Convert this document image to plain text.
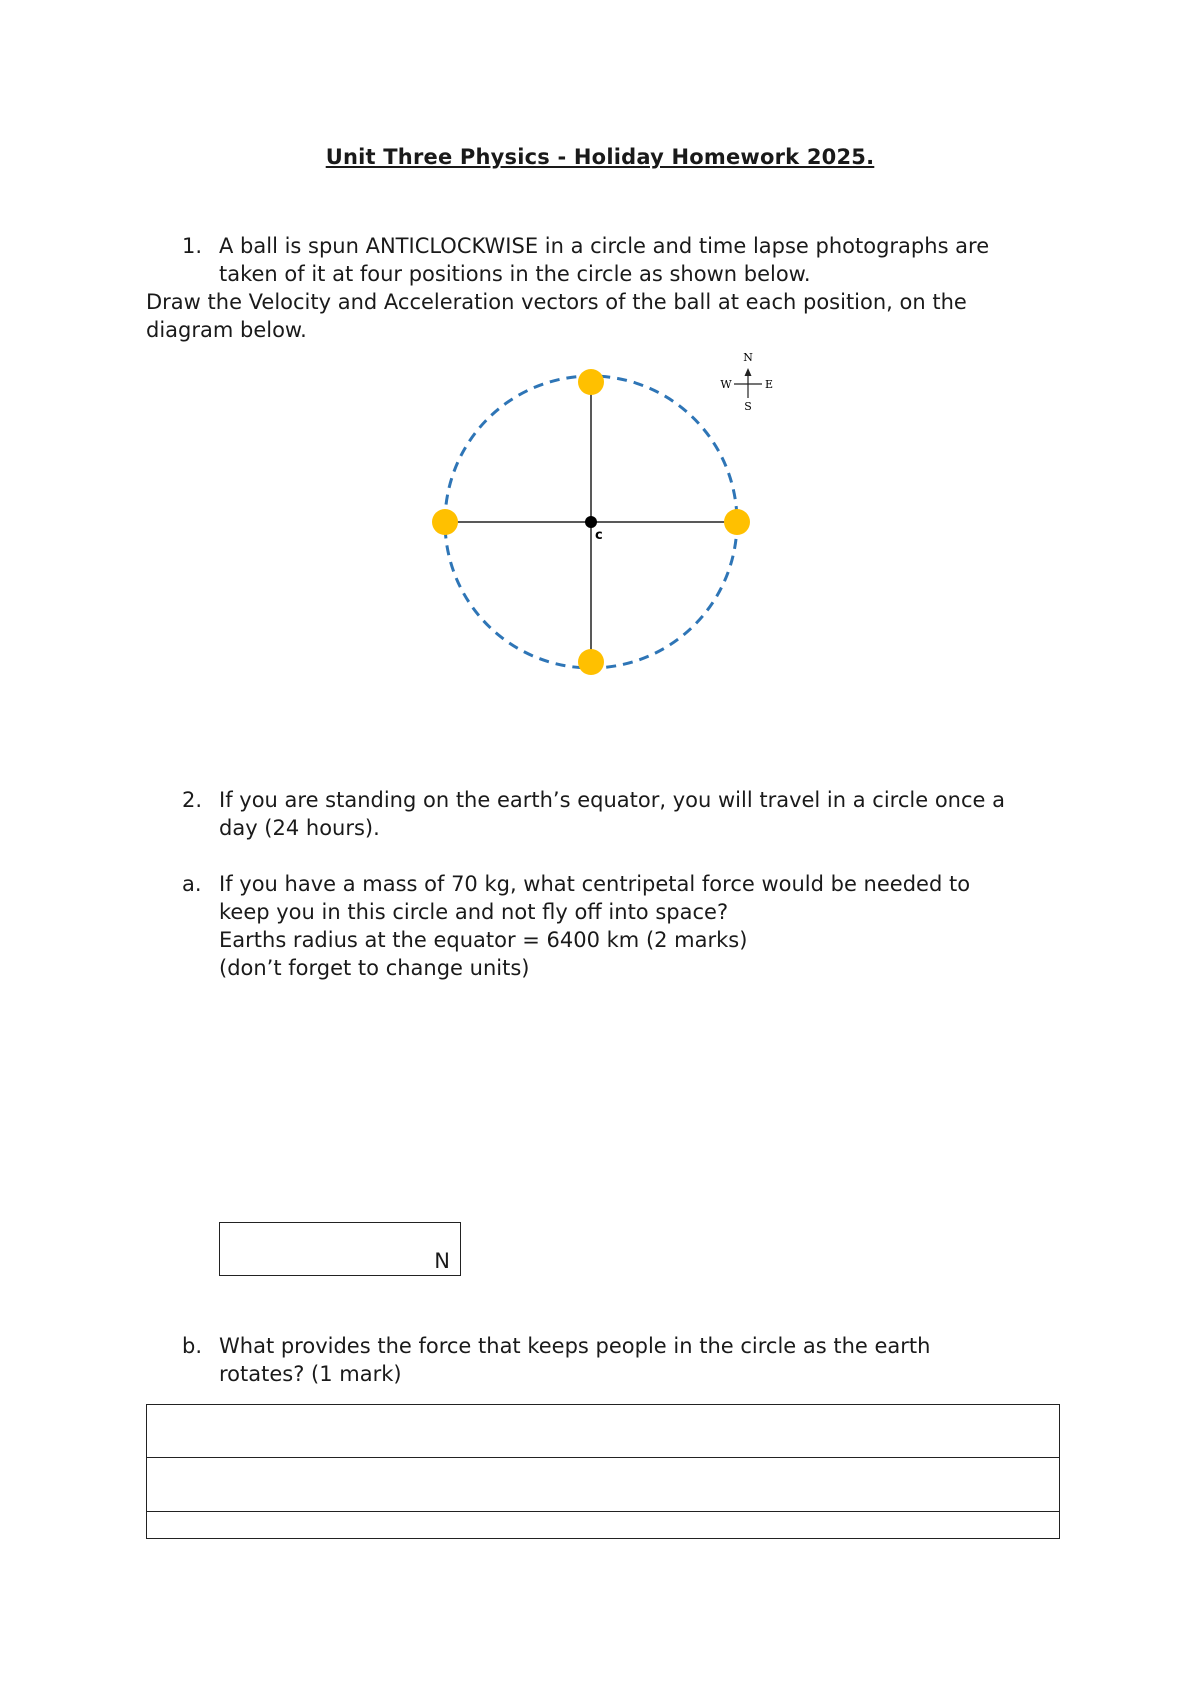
Unit Three Physics - Holiday Homework 2025.
1. A ball is spun ANTICLOCKWISE in a circle and time lapse photographs are
taken of it at four positions in the circle as shown below.
Draw the Velocity and Acceleration vectors of the ball at each position, on the
diagram below.
c
N
S
E
W
2. If you are standing on the earth’s equator, you will travel in a circle once a
day (24 hours).
a. If you have a mass of 70 kg, what centripetal force would be needed to
keep you in this circle and not fly off into space?
Earths radius at the equator = 6400 km (2 marks)
(don’t forget to change units)
N
b. What provides the force that keeps people in the circle as the earth
rotates? (1 mark)
